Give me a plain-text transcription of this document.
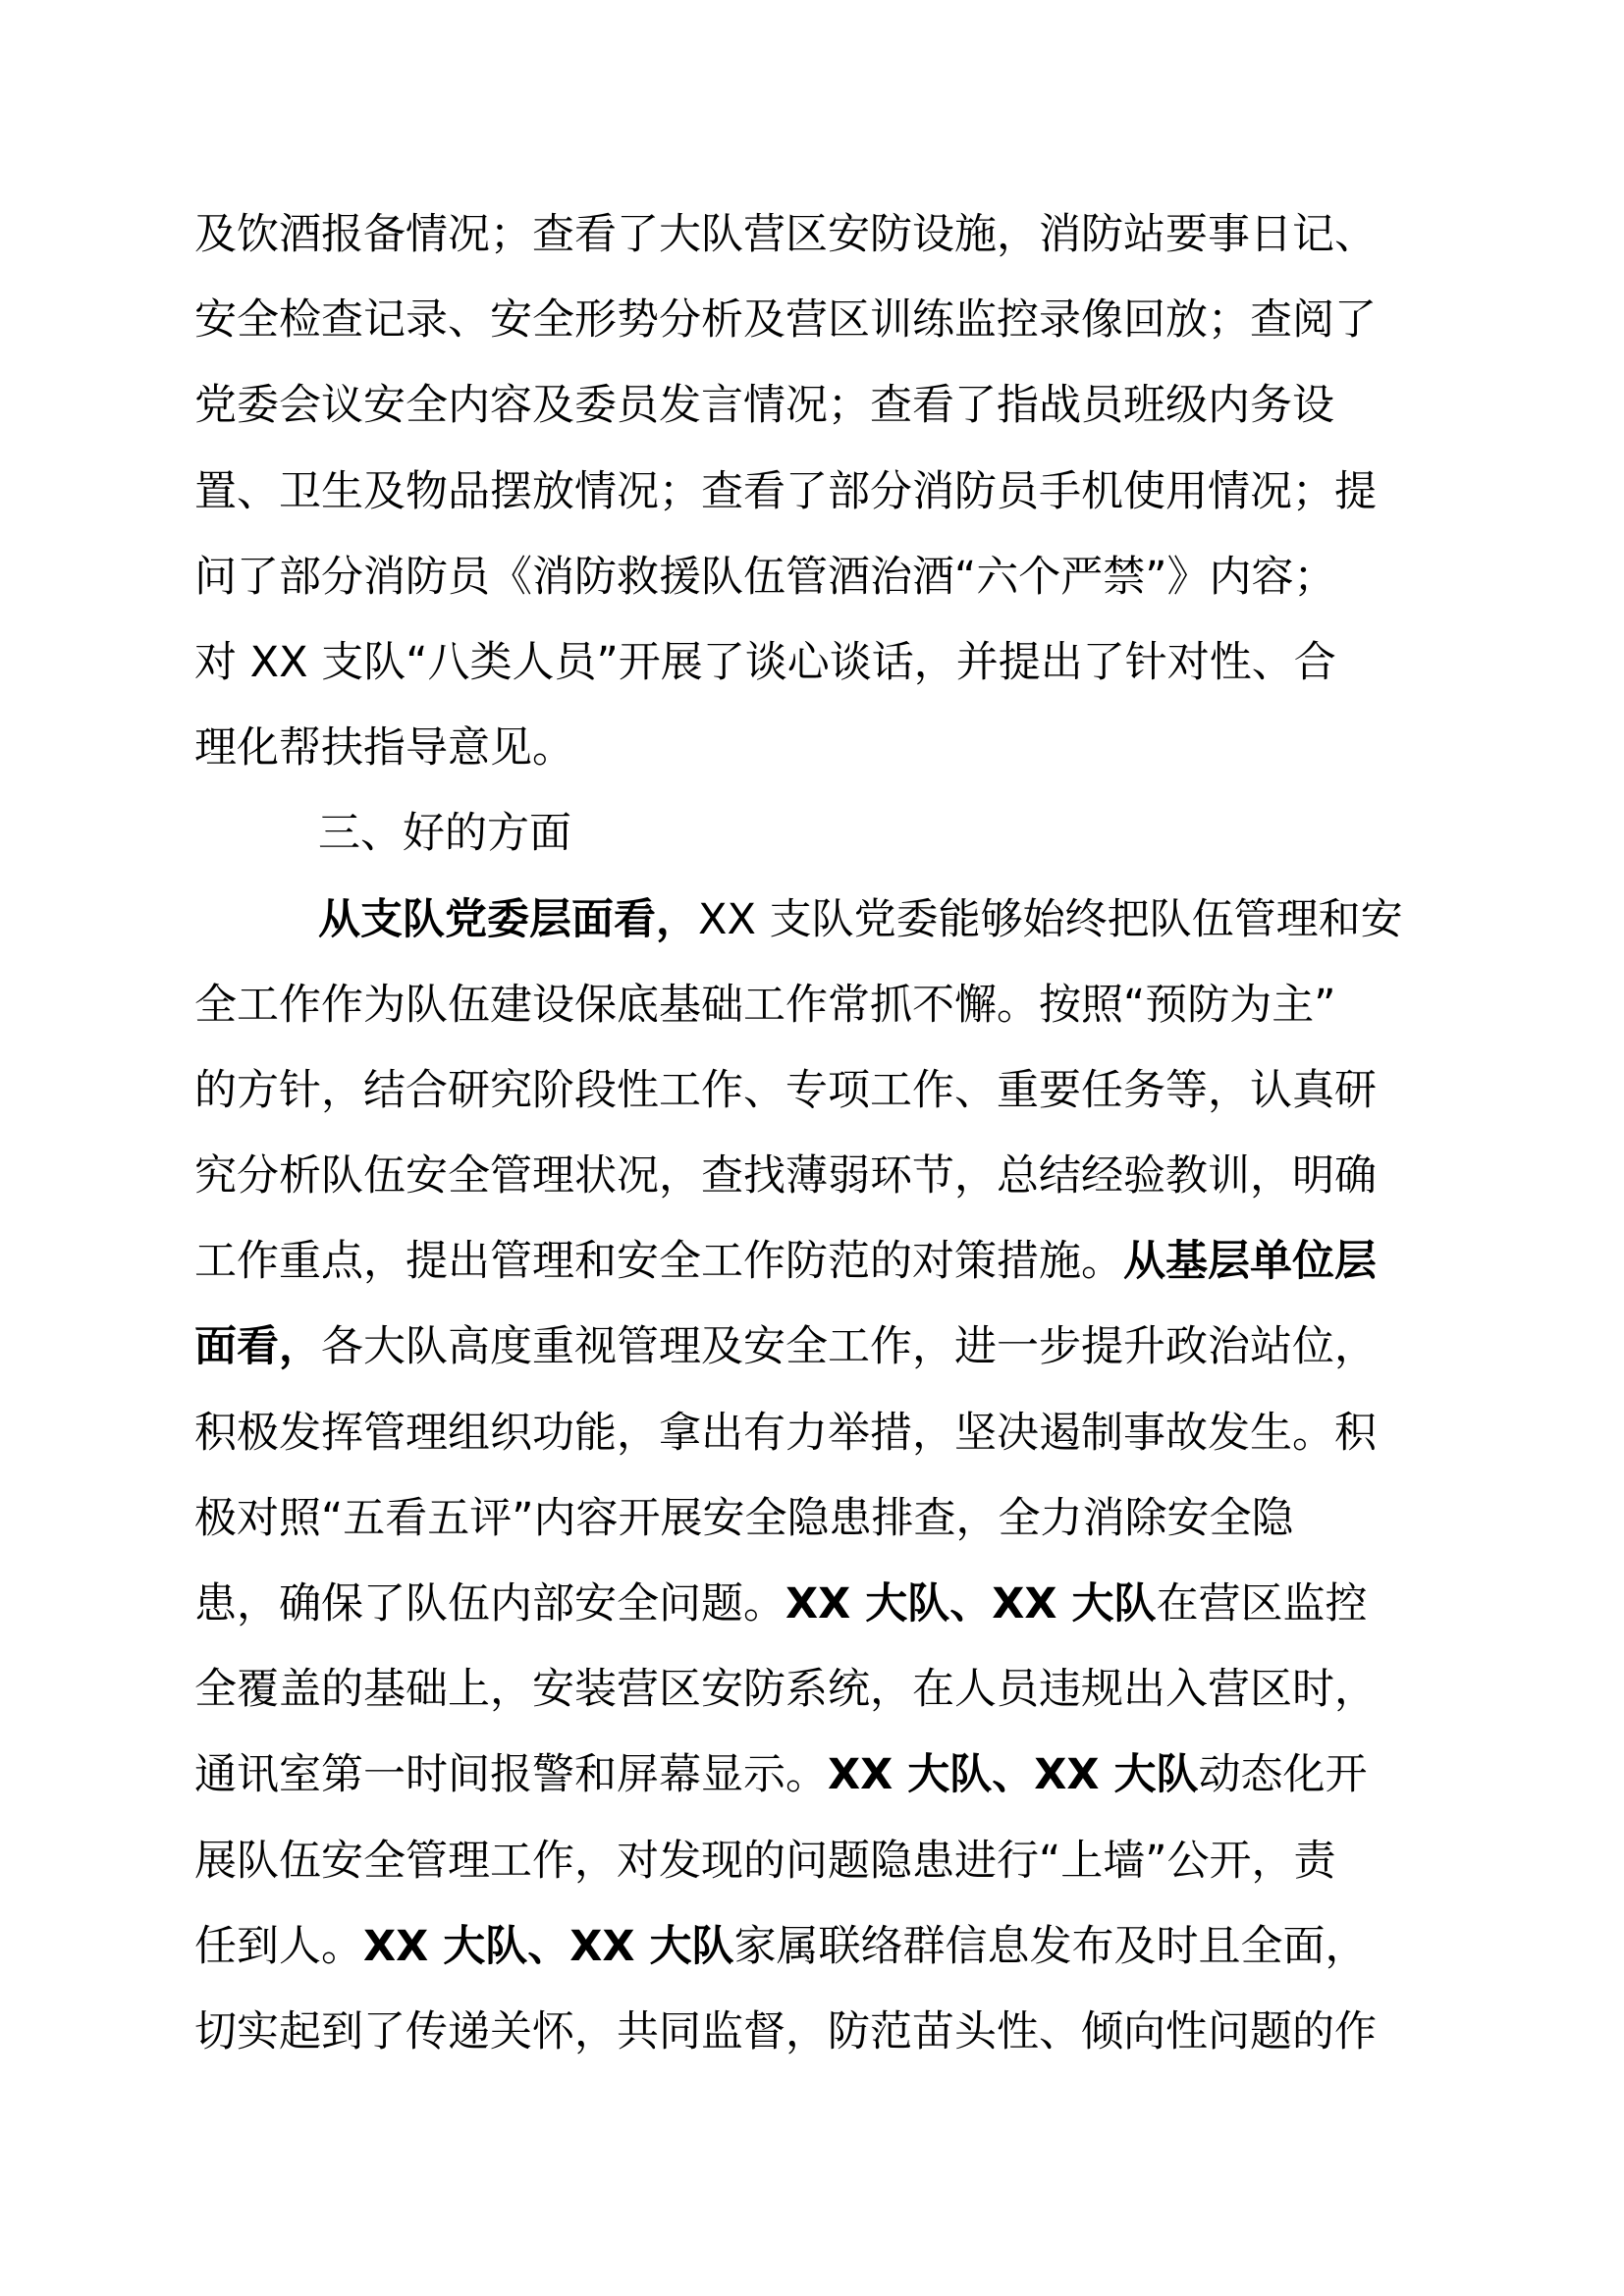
及饮酒报备情况；查看了大队营区安防设施，消防站要事日记、
安全检查记录、安全形势分析及营区训练监控录像回放；查阅了
党委会议安全内容及委员发言情况；查看了指战员班级内务设
置、卫生及物品摆放情况；查看了部分消防员手机使用情况；提
问了部分消防员《消防救援队伍管酒治酒“六个严禁”》内容；
对 XX 支队“八类人员”开展了谈心谈话，并提出了针对性、合
理化帮扶指导意见。
三、好的方面
从支队党委层面看，XX 支队党委能够始终把队伍管理和安
全工作作为队伍建设保底基础工作常抓不懈。按照“预防为主”
的方针，结合研究阶段性工作、专项工作、重要任务等，认真研
究分析队伍安全管理状况，查找薄弱环节，总结经验教训，明确
工作重点，提出管理和安全工作防范的对策措施。从基层单位层
面看，各大队高度重视管理及安全工作，进一步提升政治站位，
积极发挥管理组织功能，拿出有力举措，坚决遏制事故发生。积
极对照“五看五评”内容开展安全隐患排查，全力消除安全隐
患，确保了队伍内部安全问题。XX 大队、XX 大队在营区监控
全覆盖的基础上，安装营区安防系统，在人员违规出入营区时，
通讯室第一时间报警和屏幕显示。XX 大队、XX 大队动态化开
展队伍安全管理工作，对发现的问题隐患进行“上墙”公开，责
任到人。XX 大队、XX 大队家属联络群信息发布及时且全面，
切实起到了传递关怀，共同监督，防范苗头性、倾向性问题的作
